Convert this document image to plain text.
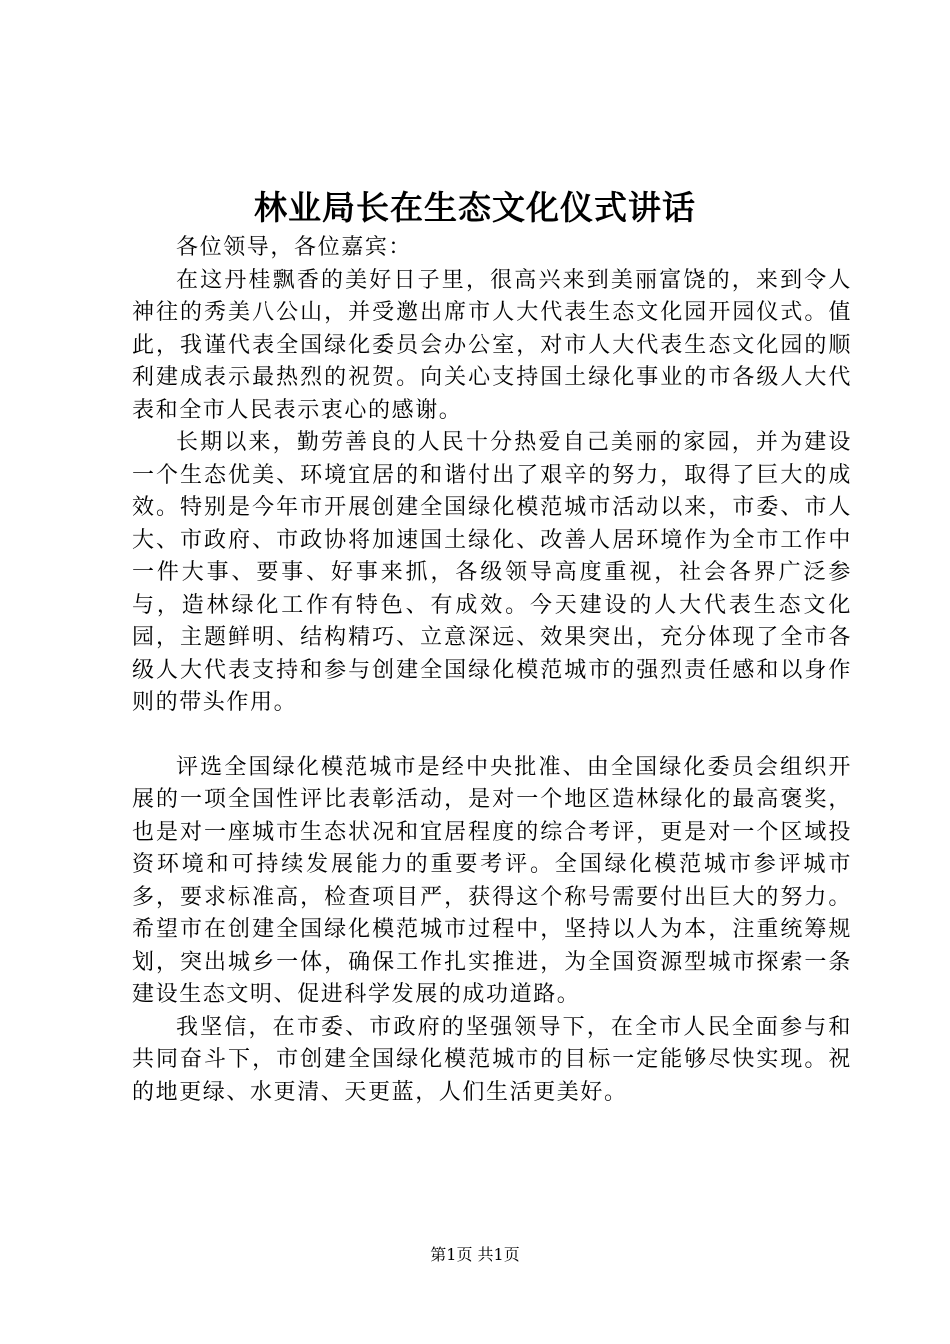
林业局长在生态文化仪式讲话

各位领导，各位嘉宾：

在这丹桂飘香的美好日子里，很高兴来到美丽富饶的，来到令人神往的秀美八公山，并受邀出席市人大代表生态文化园开园仪式。值此，我谨代表全国绿化委员会办公室，对市人大代表生态文化园的顺利建成表示最热烈的祝贺。向关心支持国土绿化事业的市各级人大代表和全市人民表示衷心的感谢。

长期以来，勤劳善良的人民十分热爱自己美丽的家园，并为建设一个生态优美、环境宜居的和谐付出了艰辛的努力，取得了巨大的成效。特别是今年市开展创建全国绿化模范城市活动以来，市委、市人大、市政府、市政协将加速国土绿化、改善人居环境作为全市工作中一件大事、要事、好事来抓，各级领导高度重视，社会各界广泛参与，造林绿化工作有特色、有成效。今天建设的人大代表生态文化园，主题鲜明、结构精巧、立意深远、效果突出，充分体现了全市各级人大代表支持和参与创建全国绿化模范城市的强烈责任感和以身作则的带头作用。

评选全国绿化模范城市是经中央批准、由全国绿化委员会组织开展的一项全国性评比表彰活动，是对一个地区造林绿化的最高褒奖，也是对一座城市生态状况和宜居程度的综合考评，更是对一个区域投资环境和可持续发展能力的重要考评。全国绿化模范城市参评城市多，要求标准高，检查项目严，获得这个称号需要付出巨大的努力。希望市在创建全国绿化模范城市过程中，坚持以人为本，注重统筹规划，突出城乡一体，确保工作扎实推进，为全国资源型城市探索一条建设生态文明、促进科学发展的成功道路。

我坚信，在市委、市政府的坚强领导下，在全市人民全面参与和共同奋斗下，市创建全国绿化模范城市的目标一定能够尽快实现。祝的地更绿、水更清、天更蓝，人们生活更美好。

第1页 共1页
